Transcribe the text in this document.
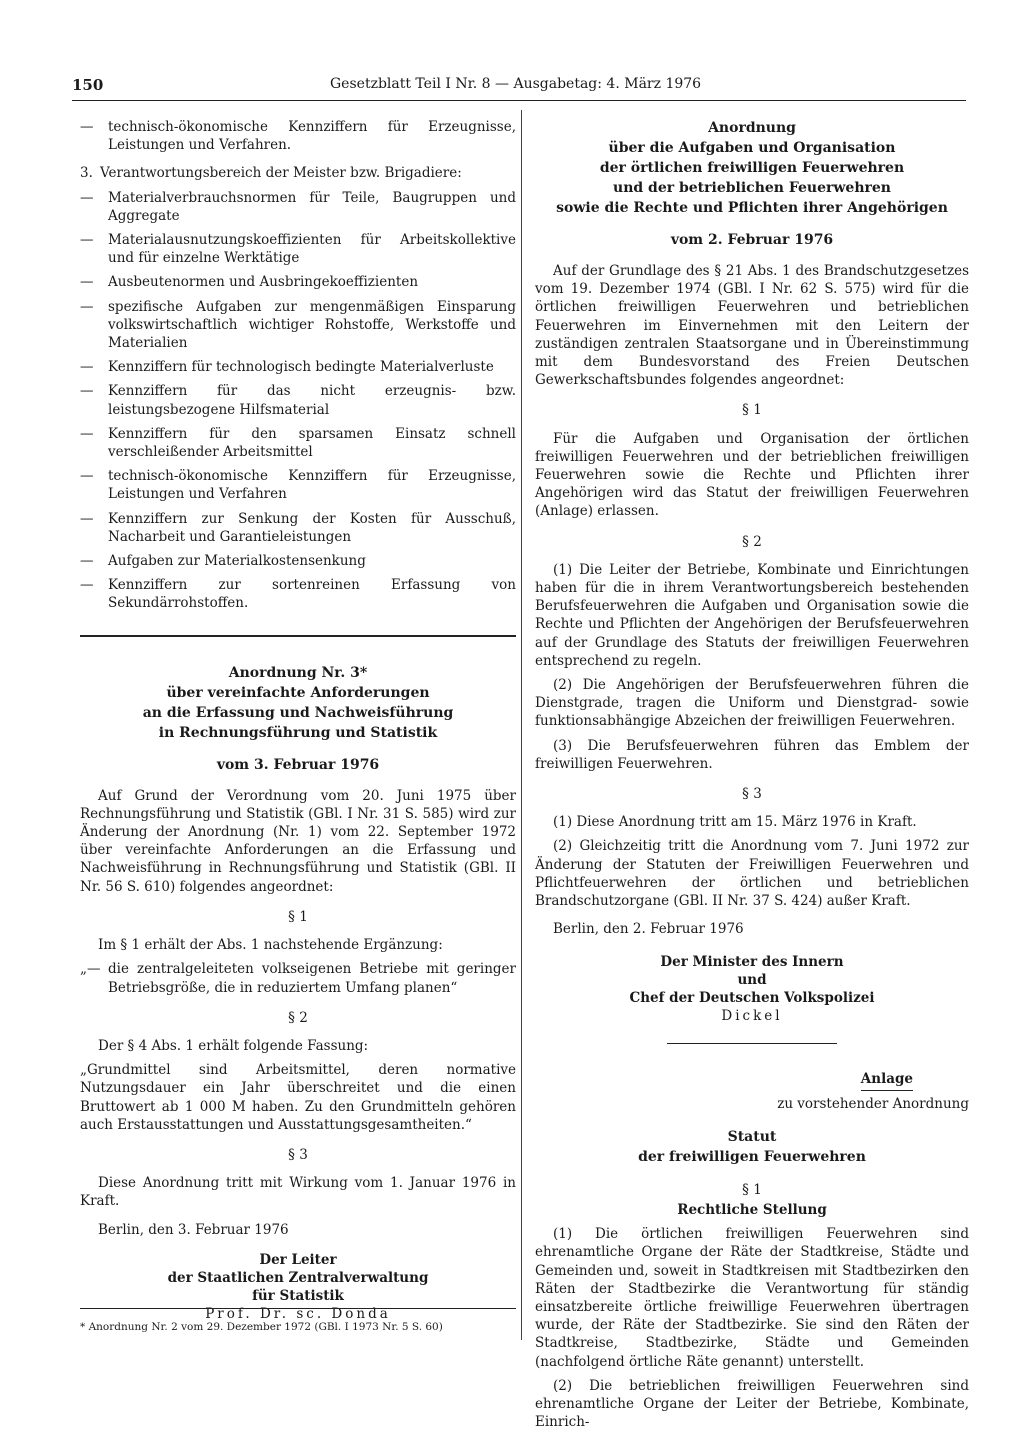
150	Gesetzblatt Teil I Nr. 8 — Ausgabetag: 4. März 1976

— technisch-ökonomische Kennziffern für Erzeugnisse, Leistungen und Verfahren.

3. Verantwortungsbereich der Meister bzw. Brigadiere:

— Materialverbrauchsnormen für Teile, Baugruppen und Aggregate

— Materialausnutzungskoeffizienten für Arbeitskollektive und für einzelne Werktätige

— Ausbeutenormen und Ausbringekoeffizienten

— spezifische Aufgaben zur mengenmäßigen Einsparung volkswirtschaftlich wichtiger Rohstoffe, Werkstoffe und Materialien

— Kennziffern für technologisch bedingte Materialverluste

— Kennziffern für das nicht erzeugnis- bzw. leistungsbezogene Hilfsmaterial

— Kennziffern für den sparsamen Einsatz schnell verschleißender Arbeitsmittel

— technisch-ökonomische Kennziffern für Erzeugnisse, Leistungen und Verfahren

— Kennziffern zur Senkung der Kosten für Ausschuß, Nacharbeit und Garantieleistungen

— Aufgaben zur Materialkostensenkung

— Kennziffern zur sortenreinen Erfassung von Sekundärrohstoffen.

Anordnung Nr. 3*

über vereinfachte Anforderungen

an die Erfassung und Nachweisführung

in Rechnungsführung und Statistik

vom 3. Februar 1976

Auf Grund der Verordnung vom 20. Juni 1975 über Rechnungsführung und Statistik (GBl. I Nr. 31 S. 585) wird zur Änderung der Anordnung (Nr. 1) vom 22. September 1972 über vereinfachte Anforderungen an die Erfassung und Nachweisführung in Rechnungsführung und Statistik (GBl. II Nr. 56 S. 610) folgendes angeordnet:

§ 1

Im § 1 erhält der Abs. 1 nachstehende Ergänzung:

„— die zentralgeleiteten volkseigenen Betriebe mit geringer Betriebsgröße, die in reduziertem Umfang planen“

§ 2

Der § 4 Abs. 1 erhält folgende Fassung:

„Grundmittel sind Arbeitsmittel, deren normative Nutzungsdauer ein Jahr überschreitet und die einen Bruttowert ab 1 000 M haben. Zu den Grundmitteln gehören auch Erstausstattungen und Ausstattungsgesamtheiten.“

§ 3

Diese Anordnung tritt mit Wirkung vom 1. Januar 1976 in Kraft.

Berlin, den 3. Februar 1976

Der Leiter

der Staatlichen Zentralverwaltung

für Statistik

Prof. Dr. sc. Donda

* Anordnung Nr. 2 vom 29. Dezember 1972 (GBl. I 1973 Nr. 5 S. 60)

Anordnung

über die Aufgaben und Organisation

der örtlichen freiwilligen Feuerwehren

und der betrieblichen Feuerwehren

sowie die Rechte und Pflichten ihrer Angehörigen

vom 2. Februar 1976

Auf der Grundlage des § 21 Abs. 1 des Brandschutzgesetzes vom 19. Dezember 1974 (GBl. I Nr. 62 S. 575) wird für die örtlichen freiwilligen Feuerwehren und betrieblichen Feuerwehren im Einvernehmen mit den Leitern der zuständigen zentralen Staatsorgane und in Übereinstimmung mit dem Bundesvorstand des Freien Deutschen Gewerkschaftsbundes folgendes angeordnet:

§ 1

Für die Aufgaben und Organisation der örtlichen freiwilligen Feuerwehren und der betrieblichen freiwilligen Feuerwehren sowie die Rechte und Pflichten ihrer Angehörigen wird das Statut der freiwilligen Feuerwehren (Anlage) erlassen.

§ 2

(1) Die Leiter der Betriebe, Kombinate und Einrichtungen haben für die in ihrem Verantwortungsbereich bestehenden Berufsfeuerwehren die Aufgaben und Organisation sowie die Rechte und Pflichten der Angehörigen der Berufsfeuerwehren auf der Grundlage des Statuts der freiwilligen Feuerwehren entsprechend zu regeln.

(2) Die Angehörigen der Berufsfeuerwehren führen die Dienstgrade, tragen die Uniform und Dienstgrad- sowie funktionsabhängige Abzeichen der freiwilligen Feuerwehren.

(3) Die Berufsfeuerwehren führen das Emblem der freiwilligen Feuerwehren.

§ 3

(1) Diese Anordnung tritt am 15. März 1976 in Kraft.

(2) Gleichzeitig tritt die Anordnung vom 7. Juni 1972 zur Änderung der Statuten der Freiwilligen Feuerwehren und Pflichtfeuerwehren der örtlichen und betrieblichen Brandschutzorgane (GBl. II Nr. 37 S. 424) außer Kraft.

Berlin, den 2. Februar 1976

Der Minister des Innern

und

Chef der Deutschen Volkspolizei

Dickel

Anlage

zu vorstehender Anordnung

Statut

der freiwilligen Feuerwehren

§ 1

Rechtliche Stellung

(1) Die örtlichen freiwilligen Feuerwehren sind ehrenamtliche Organe der Räte der Stadtkreise, Städte und Gemeinden und, soweit in Stadtkreisen mit Stadtbezirken den Räten der Stadtbezirke die Verantwortung für ständig einsatzbereite örtliche freiwillige Feuerwehren übertragen wurde, der Räte der Stadtbezirke. Sie sind den Räten der Stadtkreise, Stadtbezirke, Städte und Gemeinden (nachfolgend örtliche Räte genannt) unterstellt.

(2) Die betrieblichen freiwilligen Feuerwehren sind ehrenamtliche Organe der Leiter der Betriebe, Kombinate, Einrich-
